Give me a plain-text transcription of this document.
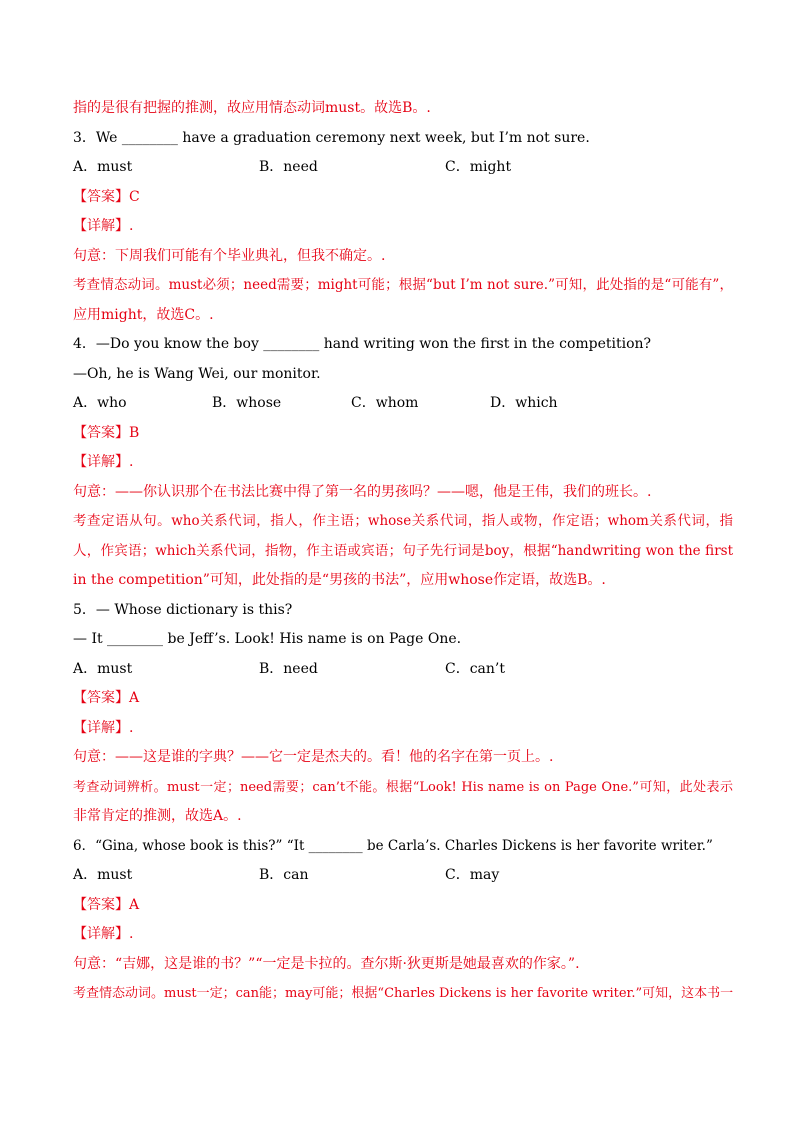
指的是很有把握的推测，故应用情态动词must。故选B。.
3．We ________ have a graduation ceremony next week, but I’m not sure.
A．must	B．need	C．might
【答案】C
【详解】.
句意：下周我们可能有个毕业典礼，但我不确定。.
考查情态动词。must必须；need需要；might可能；根据“but I’m not sure.”可知，此处指的是“可能有”，
应用might，故选C。.
4．—Do you know the boy ________ hand writing won the first in the competition?
—Oh, he is Wang Wei, our monitor.
A．who	B．whose	C．whom	D．which
【答案】B
【详解】.
句意：——你认识那个在书法比赛中得了第一名的男孩吗？——嗯，他是王伟，我们的班长。.
考查定语从句。who关系代词，指人，作主语；whose关系代词，指人或物，作定语；whom关系代词，指
人，作宾语；which关系代词，指物，作主语或宾语；句子先行词是boy，根据“handwriting won the first
in the competition”可知，此处指的是“男孩的书法”，应用whose作定语，故选B。.
5．— Whose dictionary is this?
— It ________ be Jeff’s. Look! His name is on Page One.
A．must	B．need	C．can’t
【答案】A
【详解】.
句意：——这是谁的字典？——它一定是杰夫的。看！他的名字在第一页上。.
考查动词辨析。must一定；need需要；can’t不能。根据“Look! His name is on Page One.”可知，此处表示
非常肯定的推测，故选A。.
6．“Gina, whose book is this?” “It ________ be Carla’s. Charles Dickens is her favorite writer.”
A．must	B．can	C．may
【答案】A
【详解】.
句意：“吉娜，这是谁的书？”“一定是卡拉的。查尔斯·狄更斯是她最喜欢的作家。”.
考查情态动词。must一定；can能；may可能；根据“Charles Dickens is her favorite writer.”可知，这本书一
